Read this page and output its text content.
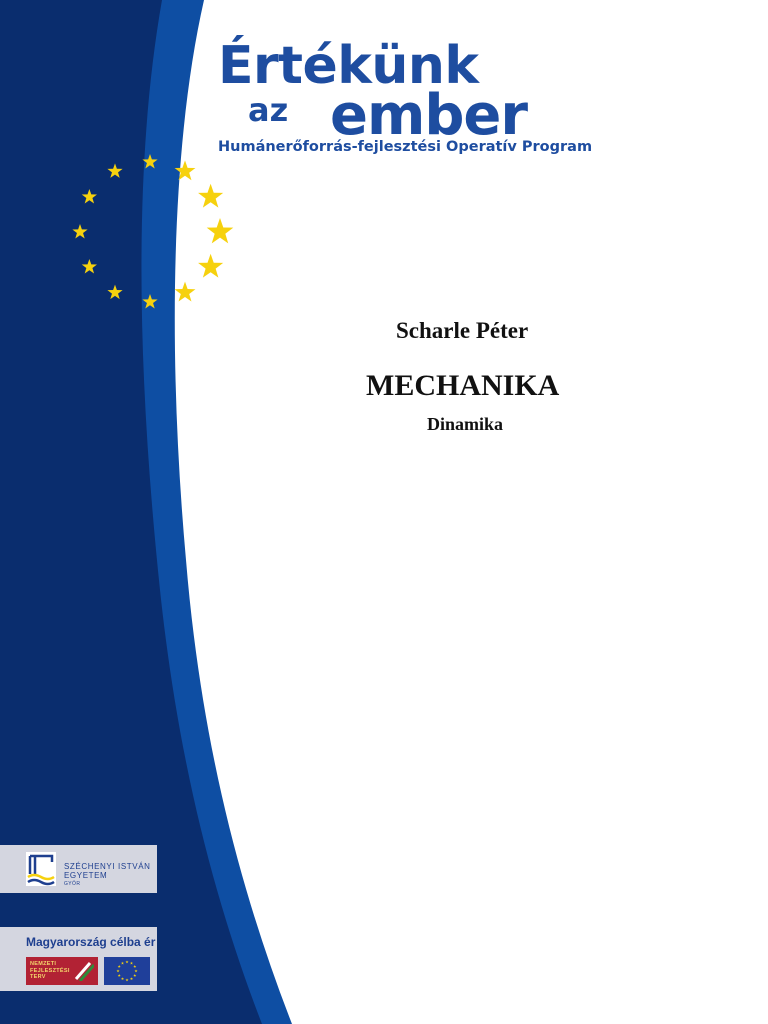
Értékünk
az ember
Humánerőforrás-fejlesztési Operatív Program
Scharle Péter
MECHANIKA
Dinamika
SZÉCHENYI ISTVÁN
EGYETEM
GYŐR
Magyarország célba ér
NEMZETI
FEJLESZTÉSI
TERV
